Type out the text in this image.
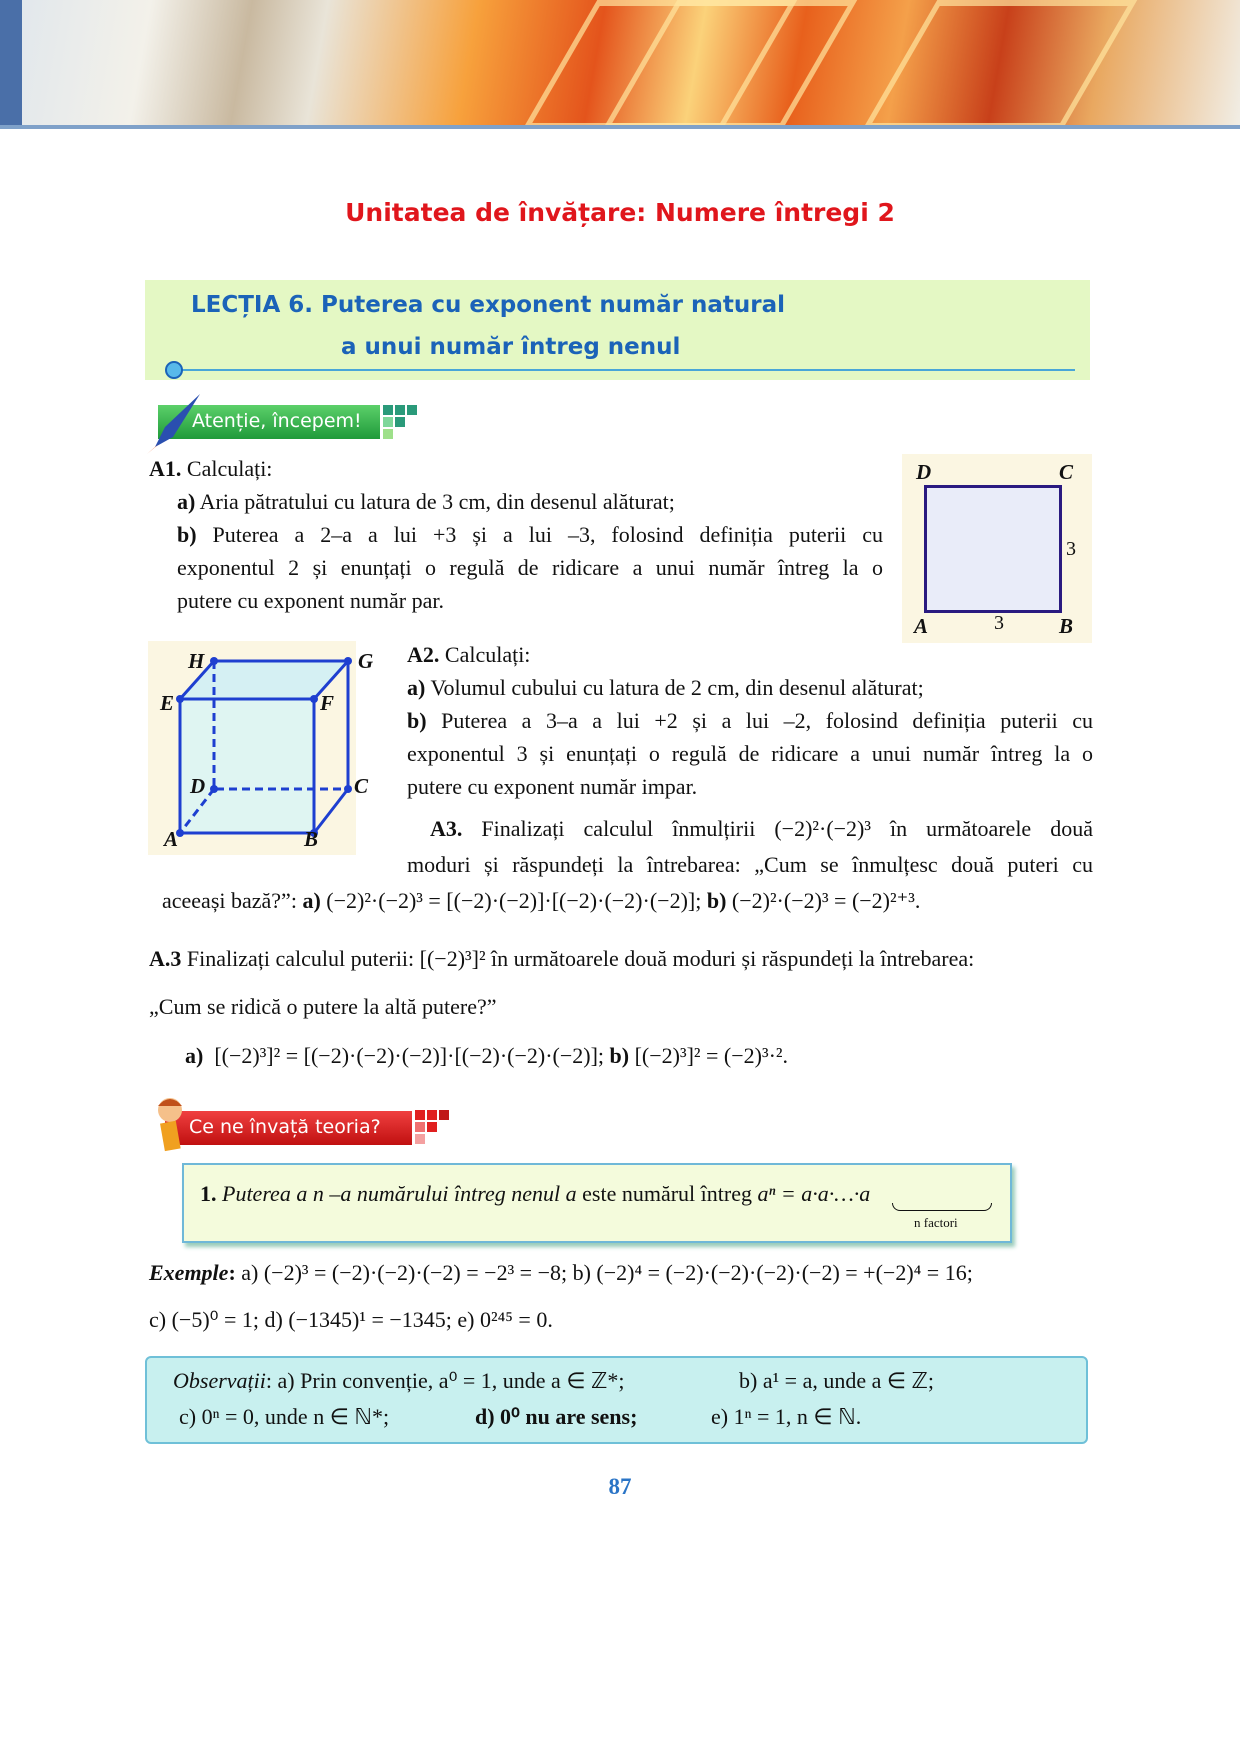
Unitatea de învățare: Numere întregi 2
LECȚIA 6. Puterea cu exponent număr natural
a unui număr întreg nenul
Atenție, începem!
A1. Calculați:
a) Aria pătratului cu latura de 3 cm, din desenul alăturat;
b) Puterea a 2–a a lui +3 și a lui –3, folosind definiția puterii cu
exponentul 2 și enunțați o regulă de ridicare a unui număr întreg la o
putere cu exponent număr par.
D	C
A	B
3
3
H	G
E	F
D	C
A	B
A2. Calculați:
a) Volumul cubului cu latura de 2 cm, din desenul alăturat;
b) Puterea a 3–a a lui +2 și a lui –2, folosind definiția puterii cu
exponentul 3 și enunțați o regulă de ridicare a unui număr întreg la o
putere cu exponent număr impar.
A3. Finalizați calculul înmulțirii (−2)²·(−2)³ în următoarele două
moduri și răspundeți la întrebarea: „Cum se înmulțesc două puteri cu
aceeași bază?”: a) (−2)²·(−2)³ = [(−2)·(−2)]·[(−2)·(−2)·(−2)]; b) (−2)²·(−2)³ = (−2)²⁺³.
A.3 Finalizați calculul puterii: [(−2)³]² în următoarele două moduri și răspundeți la întrebarea:
„Cum se ridică o putere la altă putere?”
a) [(−2)³]² = [(−2)·(−2)·(−2)]·[(−2)·(−2)·(−2)]; b) [(−2)³]² = (−2)³·².
Ce ne învață teoria?
1. Puterea a n –a numărului întreg nenul a este numărul întreg aⁿ = a·a·…·a
n factori
Exemple: a) (−2)³ = (−2)·(−2)·(−2) = −2³ = −8; b) (−2)⁴ = (−2)·(−2)·(−2)·(−2) = +(−2)⁴ = 16;
c) (−5)⁰ = 1; d) (−1345)¹ = −1345; e) 0²⁴⁵ = 0.
Observații: a) Prin convenție, a⁰ = 1, unde a ∈ ℤ*;	b) a¹ = a, unde a ∈ ℤ;
c) 0ⁿ = 0, unde n ∈ ℕ*;	d) 0⁰ nu are sens;	e) 1ⁿ = 1, n ∈ ℕ.
87
